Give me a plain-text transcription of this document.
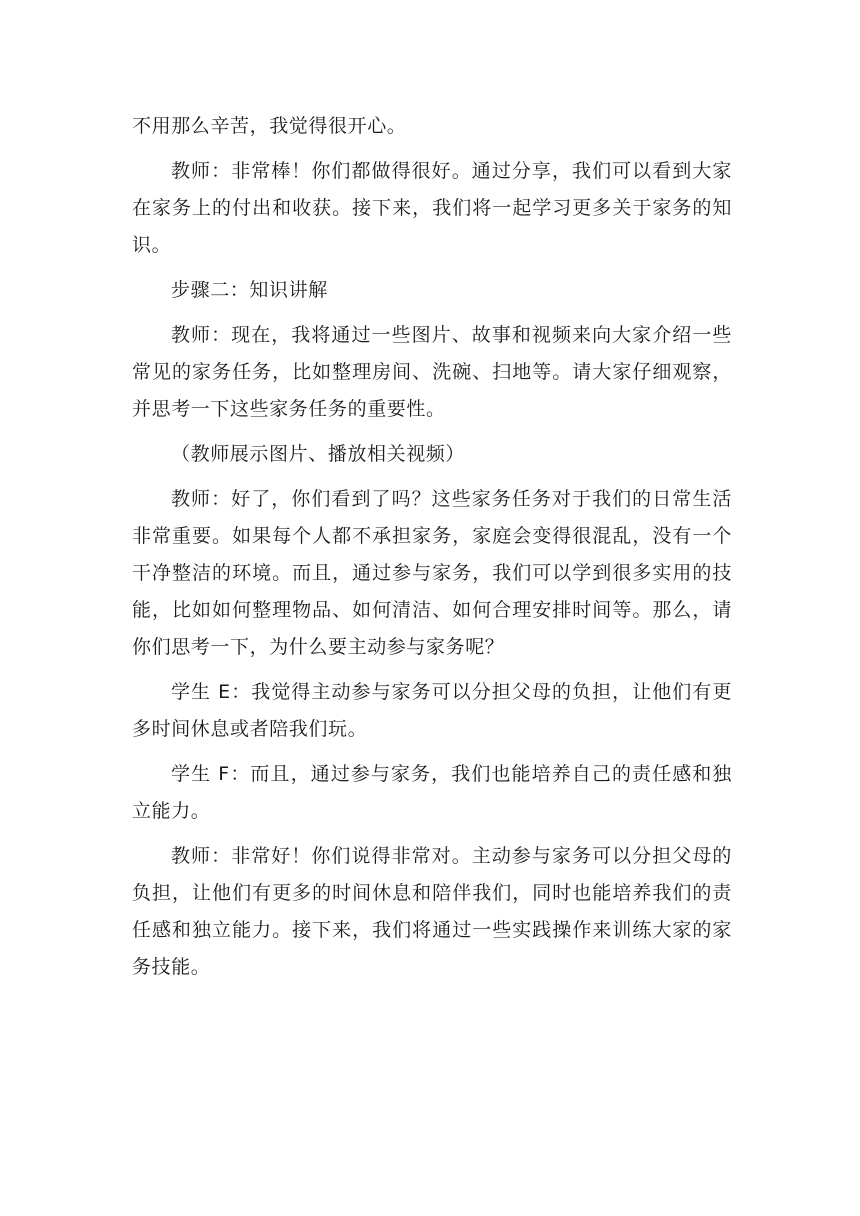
不用那么辛苦，我觉得很开心。

教师：非常棒！你们都做得很好。通过分享，我们可以看到大家在家务上的付出和收获。接下来，我们将一起学习更多关于家务的知识。

步骤二：知识讲解

教师：现在，我将通过一些图片、故事和视频来向大家介绍一些常见的家务任务，比如整理房间、洗碗、扫地等。请大家仔细观察，并思考一下这些家务任务的重要性。

（教师展示图片、播放相关视频）

教师：好了，你们看到了吗？这些家务任务对于我们的日常生活非常重要。如果每个人都不承担家务，家庭会变得很混乱，没有一个干净整洁的环境。而且，通过参与家务，我们可以学到很多实用的技能，比如如何整理物品、如何清洁、如何合理安排时间等。那么，请你们思考一下，为什么要主动参与家务呢？

学生 E：我觉得主动参与家务可以分担父母的负担，让他们有更多时间休息或者陪我们玩。

学生 F：而且，通过参与家务，我们也能培养自己的责任感和独立能力。

教师：非常好！你们说得非常对。主动参与家务可以分担父母的负担，让他们有更多的时间休息和陪伴我们，同时也能培养我们的责任感和独立能力。接下来，我们将通过一些实践操作来训练大家的家务技能。
